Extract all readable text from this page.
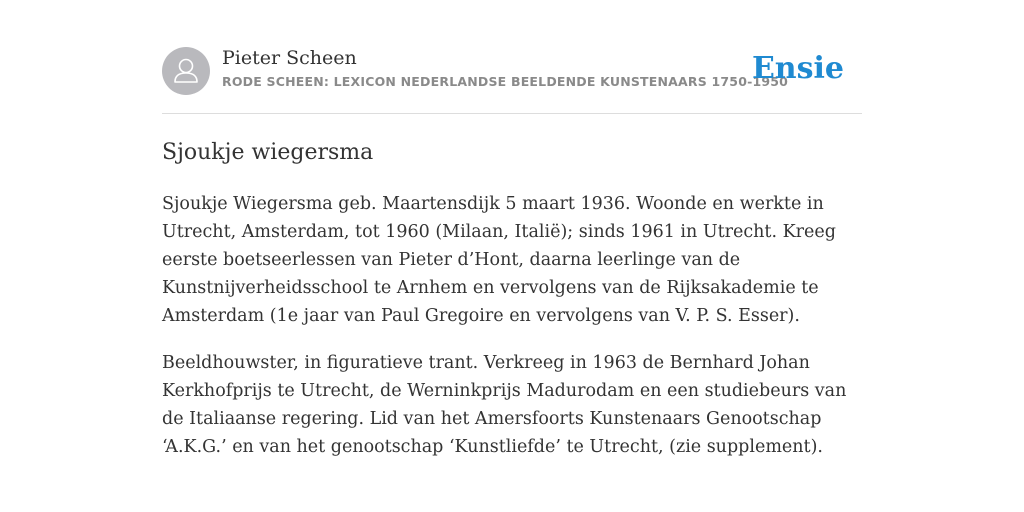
Pieter Scheen
RODE SCHEEN: LEXICON NEDERLANDSE BEELDENDE KUNSTENAARS 1750-1950
Ensie
Sjoukje wiegersma

Sjoukje Wiegersma geb. Maartensdijk 5 maart 1936. Woonde en werkte in Utrecht, Amsterdam, tot 1960 (Milaan, Italië); sinds 1961 in Utrecht. Kreeg eerste boetseerlessen van Pieter d’Hont, daarna leerlinge van de Kunstnijverheidsschool te Arnhem en vervolgens van de Rijksakademie te Amsterdam (1e jaar van Paul Gregoire en vervolgens van V. P. S. Esser).

Beeldhouwster, in figuratieve trant. Verkreeg in 1963 de Bernhard Johan Kerkhofprijs te Utrecht, de Werninkprijs Madurodam en een studiebeurs van de Italiaanse regering. Lid van het Amersfoorts Kunstenaars Genootschap ‘A.K.G.’ en van het genootschap ‘Kunstliefde’ te Utrecht, (zie supplement).
